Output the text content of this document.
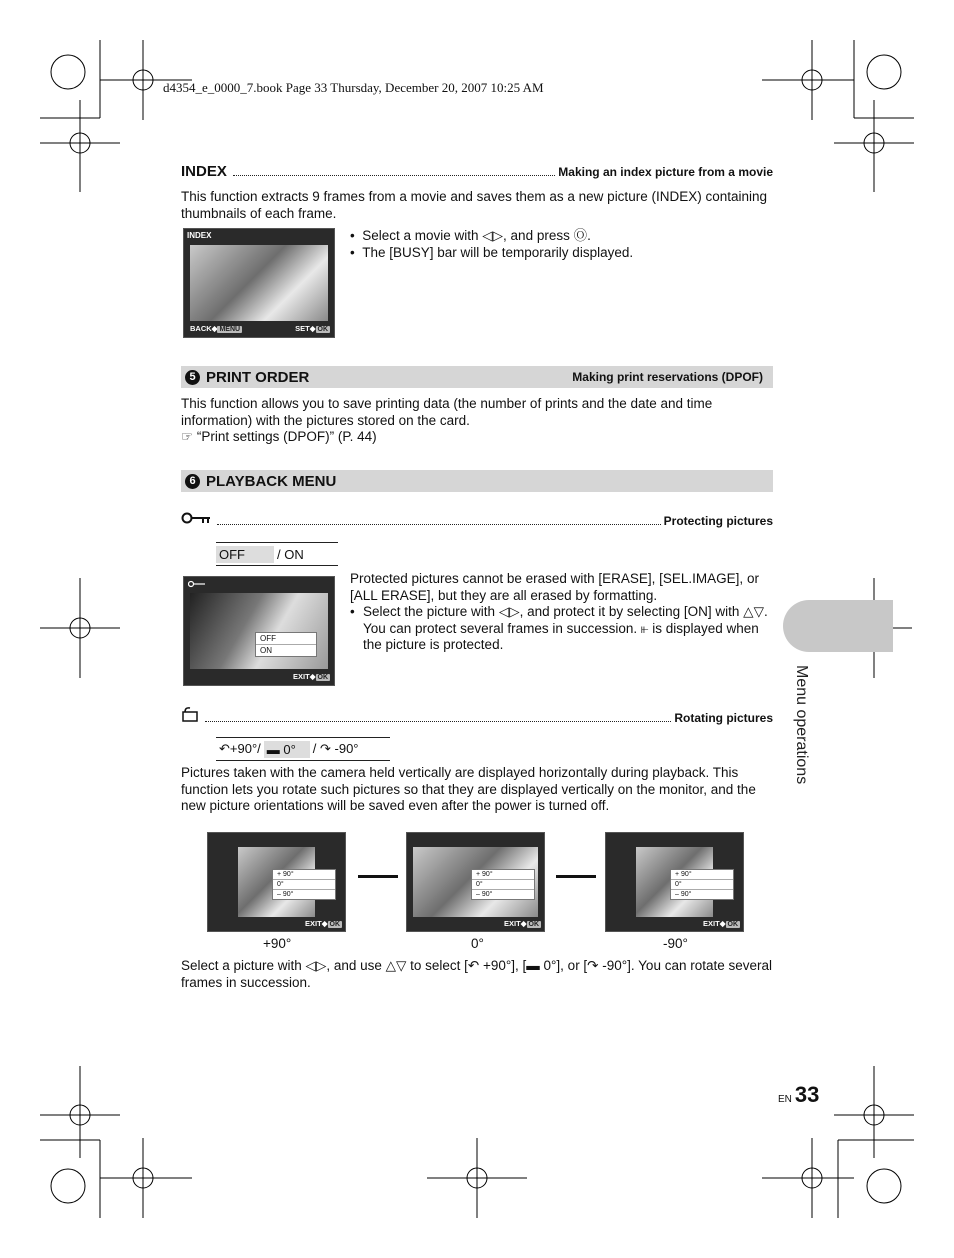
d4354_e_0000_7.book Page 33 Thursday, December 20, 2007 10:25 AM
INDEX	Making an index picture from a movie
This function extracts 9 frames from a movie and saves them as a new picture (INDEX) containing thumbnails of each frame.
INDEX
BACK◆ MENU	SET◆ OK
•  Select a movie with ◁▷, and press Ⓞ.
•  The [BUSY] bar will be temporarily displayed.
5 PRINT ORDER	Making print reservations (DPOF)
This function allows you to save printing data (the number of prints and the date and time information) with the pictures stored on the card.
☞ “Print settings (DPOF)” (P. 44)
6 PLAYBACK MENU
Protecting pictures
OFF	/ ON
OFF
ON
EXIT◆ OK
Protected pictures cannot be erased with [ERASE], [SEL.IMAGE], or [ALL ERASE], but they are all erased by formatting.
• Select the picture with ◁▷, and protect it by selecting [ON] with △▽. You can protect several frames in succession. ⫦ is displayed when the picture is protected.
Rotating pictures
↶+90°/ ▬ 0°	/ ↷ -90°
Pictures taken with the camera held vertically are displayed horizontally during playback. This function lets you rotate such pictures so that they are displayed vertically on the monitor, and the new picture orientations will be saved even after the power is turned off.
+ 90°
0°
– 90°
EXIT◆ OK
+ 90°
0°
– 90°
EXIT◆ OK
+ 90°
0°
– 90°
EXIT◆ OK
+90°	0°	-90°
Select a picture with ◁▷, and use △▽ to select [↶ +90°], [▬ 0°], or [↷ -90°]. You can rotate several frames in succession.
Menu operations
EN 33
